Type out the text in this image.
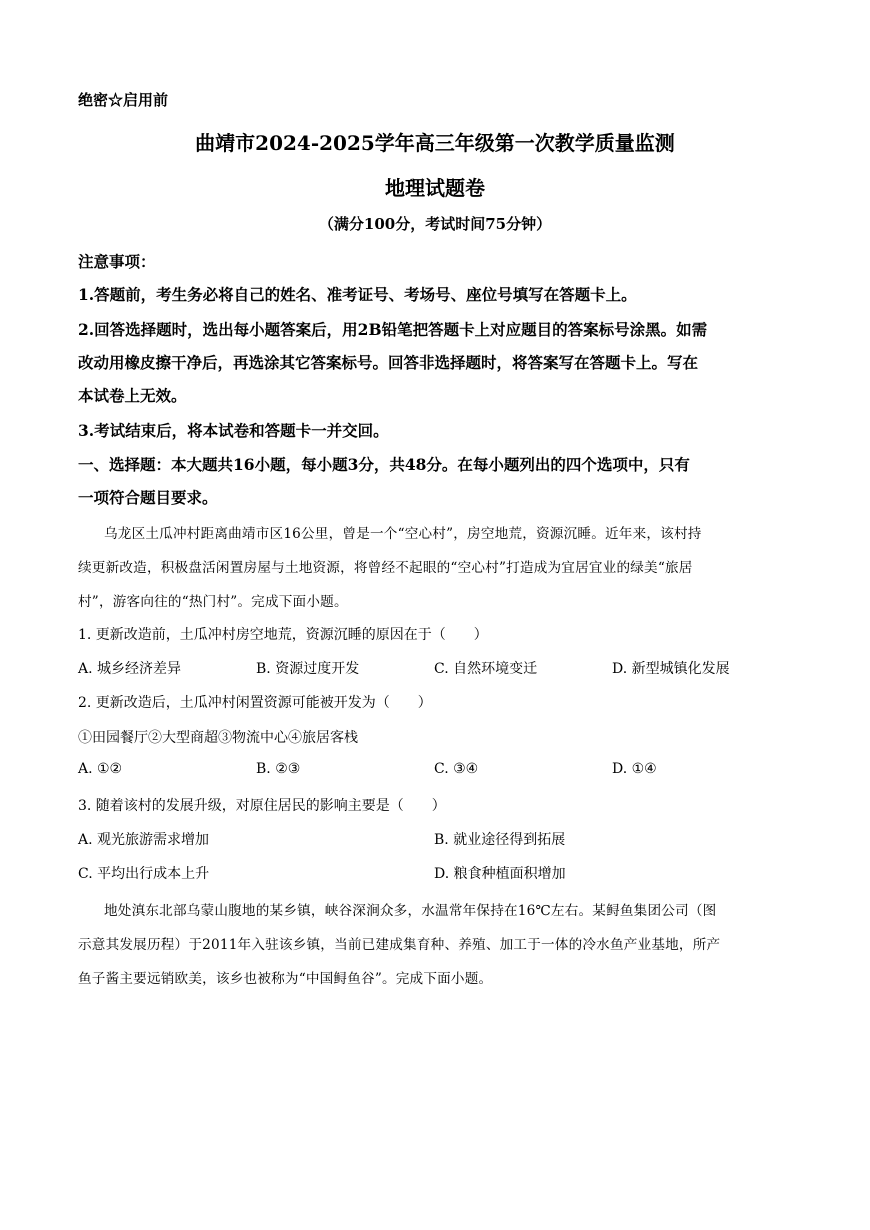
绝密☆启用前
曲靖市2024-2025学年高三年级第一次教学质量监测
地理试题卷
（满分100分，考试时间75分钟）
注意事项：
1.答题前，考生务必将自己的姓名、准考证号、考场号、座位号填写在答题卡上。
2.回答选择题时，选出每小题答案后，用2B铅笔把答题卡上对应题目的答案标号涂黑。如需
改动用橡皮擦干净后，再选涂其它答案标号。回答非选择题时，将答案写在答题卡上。写在
本试卷上无效。
3.考试结束后，将本试卷和答题卡一并交回。
一、选择题：本大题共16小题，每小题3分，共48分。在每小题列出的四个选项中，只有
一项符合题目要求。
乌龙区土瓜冲村距离曲靖市区16公里，曾是一个“空心村”，房空地荒，资源沉睡。近年来，该村持
续更新改造，积极盘活闲置房屋与土地资源，将曾经不起眼的“空心村”打造成为宜居宜业的绿美“旅居
村”，游客向往的“热门村”。完成下面小题。
1. 更新改造前，土瓜冲村房空地荒，资源沉睡的原因在于（　　）
A. 城乡经济差异	B. 资源过度开发	C. 自然环境变迁	D. 新型城镇化发展
2. 更新改造后，土瓜冲村闲置资源可能被开发为（　　）
①田园餐厅②大型商超③物流中心④旅居客栈
A. ①②	B. ②③	C. ③④	D. ①④
3. 随着该村的发展升级，对原住居民的影响主要是（　　）
A. 观光旅游需求增加	B. 就业途径得到拓展
C. 平均出行成本上升	D. 粮食种植面积增加
地处滇东北部乌蒙山腹地的某乡镇，峡谷深涧众多，水温常年保持在16℃左右。某鲟鱼集团公司（图
示意其发展历程）于2011年入驻该乡镇，当前已建成集育种、养殖、加工于一体的冷水鱼产业基地，所产
鱼子酱主要远销欧美，该乡也被称为“中国鲟鱼谷”。完成下面小题。
